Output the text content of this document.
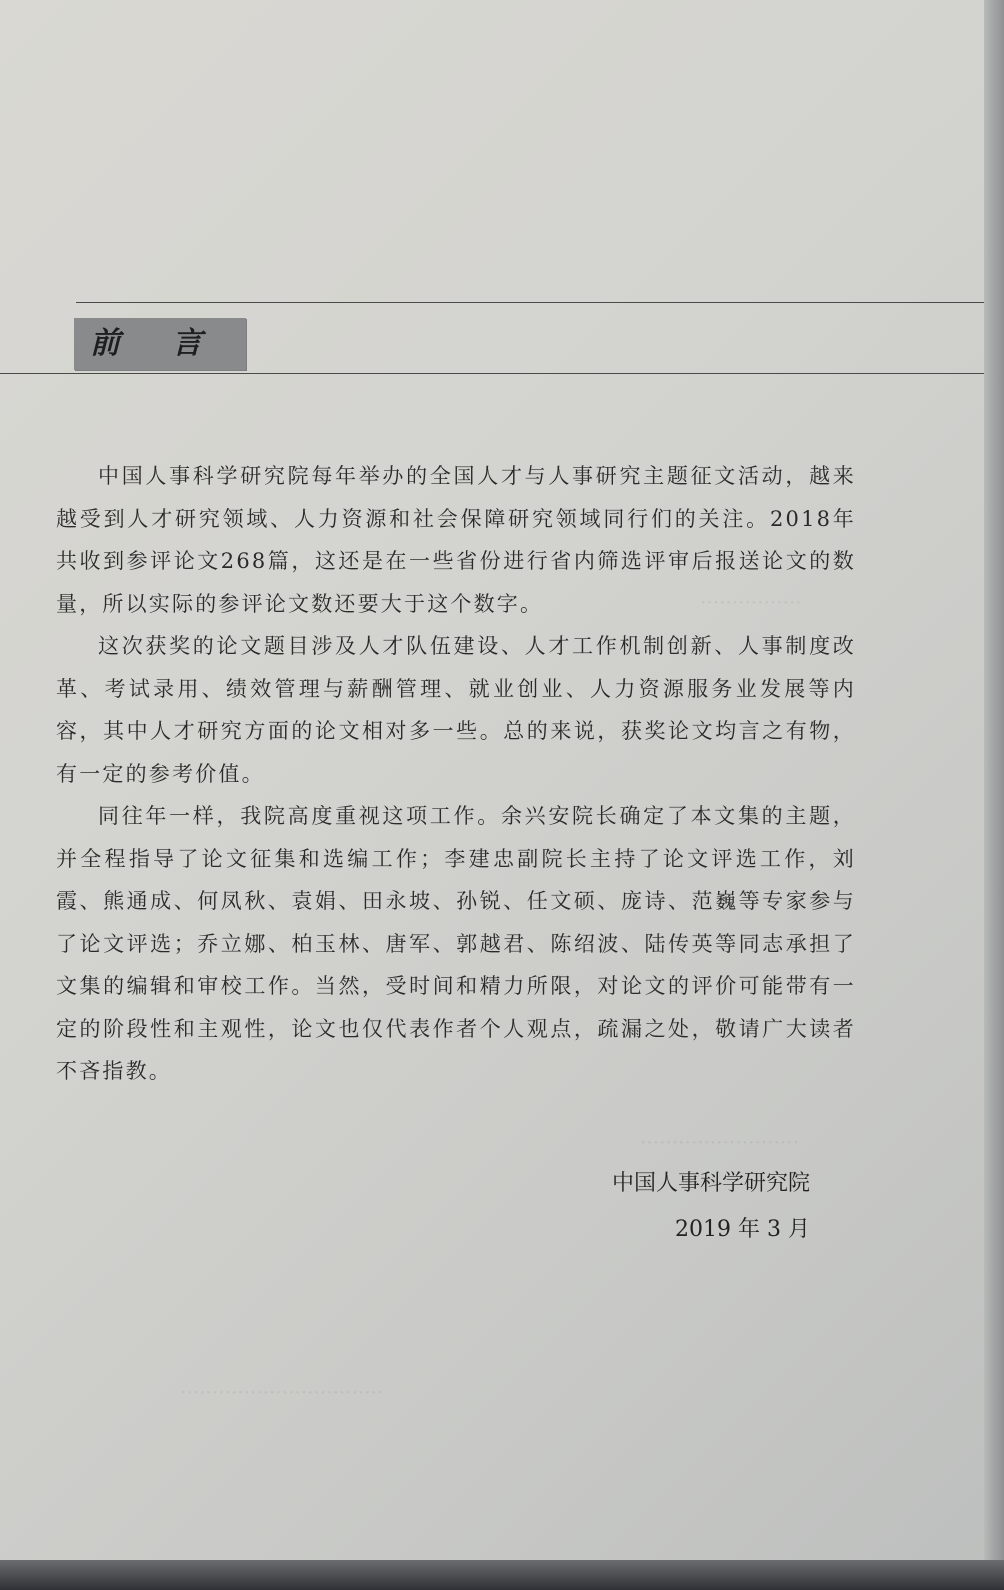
前言
················
·························
································

中国人事科学研究院每年举办的全国人才与人事研究主题征文活动，越来越受到人才研究领域、人力资源和社会保障研究领域同行们的关注。2018年共收到参评论文268篇，这还是在一些省份进行省内筛选评审后报送论文的数量，所以实际的参评论文数还要大于这个数字。

这次获奖的论文题目涉及人才队伍建设、人才工作机制创新、人事制度改革、考试录用、绩效管理与薪酬管理、就业创业、人力资源服务业发展等内容，其中人才研究方面的论文相对多一些。总的来说，获奖论文均言之有物，有一定的参考价值。

同往年一样，我院高度重视这项工作。余兴安院长确定了本文集的主题，并全程指导了论文征集和选编工作；李建忠副院长主持了论文评选工作，刘霞、熊通成、何凤秋、袁娟、田永坡、孙锐、任文硕、庞诗、范巍等专家参与了论文评选；乔立娜、柏玉林、唐军、郭越君、陈绍波、陆传英等同志承担了文集的编辑和审校工作。当然，受时间和精力所限，对论文的评价可能带有一定的阶段性和主观性，论文也仅代表作者个人观点，疏漏之处，敬请广大读者不吝指教。

中国人事科学研究院
2019 年 3 月
